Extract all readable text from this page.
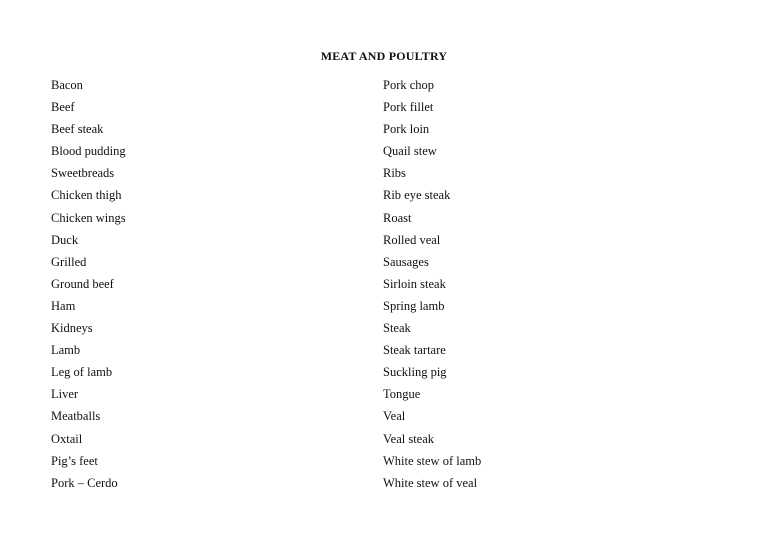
MEAT AND POULTRY
Bacon
Beef
Beef steak
Blood pudding
Sweetbreads
Chicken thigh
Chicken wings
Duck
Grilled
Ground beef
Ham
Kidneys
Lamb
Leg of lamb
Liver
Meatballs
Oxtail
Pig’s feet
Pork – Cerdo
Pork chop
Pork fillet
Pork loin
Quail stew
Ribs
Rib eye steak
Roast
Rolled veal
Sausages
Sirloin steak
Spring lamb
Steak
Steak tartare
Suckling pig
Tongue
Veal
Veal steak
White stew of lamb
White stew of veal
